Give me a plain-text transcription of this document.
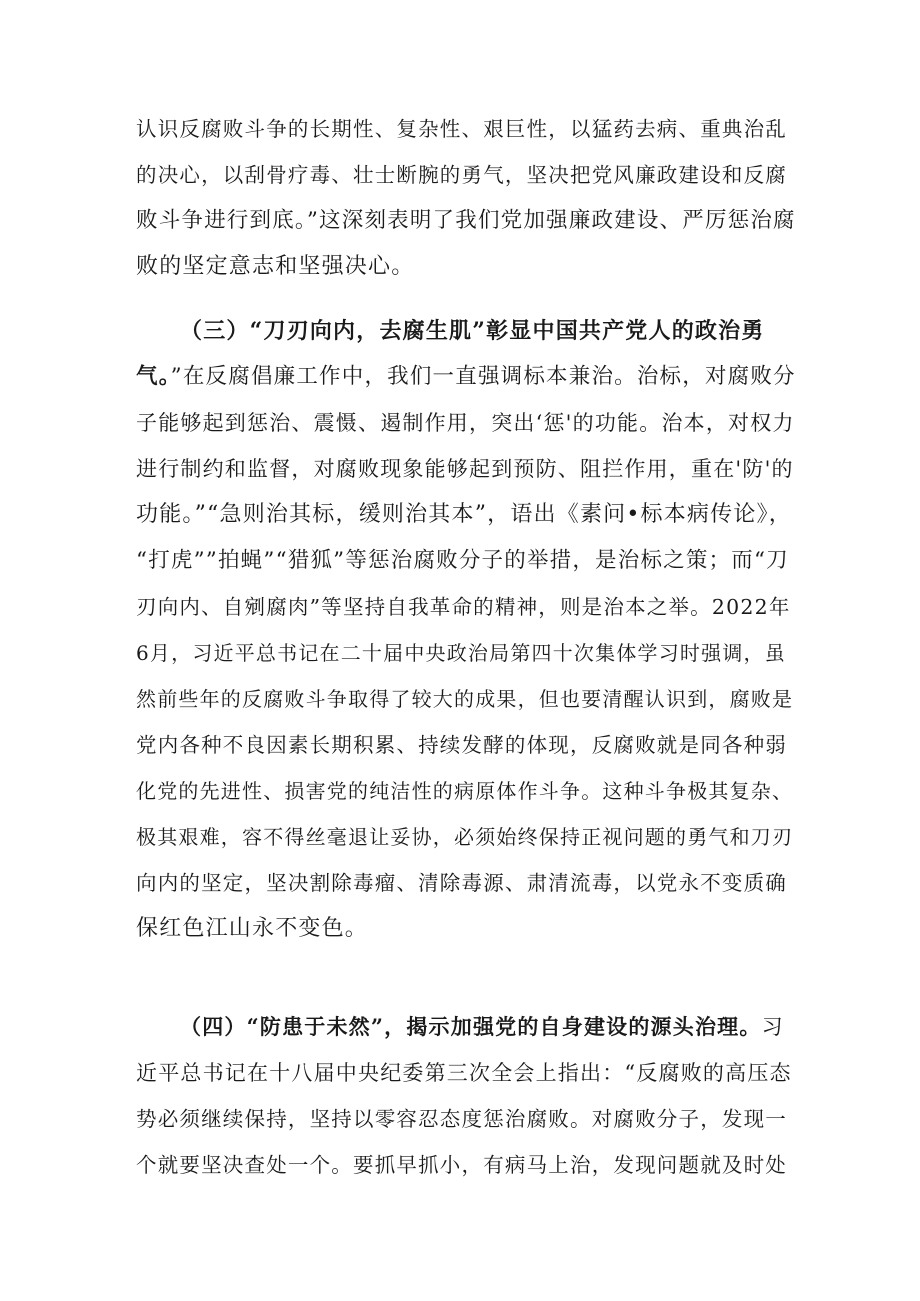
认识反腐败斗争的长期性、复杂性、艰巨性，以猛药去病、重典治乱
的决心，以刮骨疗毒、壮士断腕的勇气，坚决把党风廉政建设和反腐
败斗争进行到底。”这深刻表明了我们党加强廉政建设、严厉惩治腐
败的坚定意志和坚强决心。
（三）“刀刃向内，去腐生肌”彰显中国共产党人的政治勇
气。”在反腐倡廉工作中，我们一直强调标本兼治。治标，对腐败分
子能够起到惩治、震慑、遏制作用，突出‘惩'的功能。治本，对权力
进行制约和监督，对腐败现象能够起到预防、阻拦作用，重在'防'的
功能。”“急则治其标，缓则治其本”，语出《素问•标本病传论》，
“打虎””拍蝇”“猎狐”等惩治腐败分子的举措，是治标之策；而“刀
刃向内、自剜腐肉”等坚持自我革命的精神，则是治本之举。2022年
6月，习近平总书记在二十届中央政治局第四十次集体学习时强调，虽
然前些年的反腐败斗争取得了较大的成果，但也要清醒认识到，腐败是
党内各种不良因素长期积累、持续发酵的体现，反腐败就是同各种弱
化党的先进性、损害党的纯洁性的病原体作斗争。这种斗争极其复杂、
极其艰难，容不得丝毫退让妥协，必须始终保持正视问题的勇气和刀刃
向内的坚定，坚决割除毒瘤、清除毒源、肃清流毒，以党永不变质确
保红色江山永不变色。
（四）“防患于未然”，揭示加强党的自身建设的源头治理。习
近平总书记在十八届中央纪委第三次全会上指出：“反腐败的高压态
势必须继续保持，坚持以零容忍态度惩治腐败。对腐败分子，发现一
个就要坚决查处一个。要抓早抓小，有病马上治，发现问题就及时处
